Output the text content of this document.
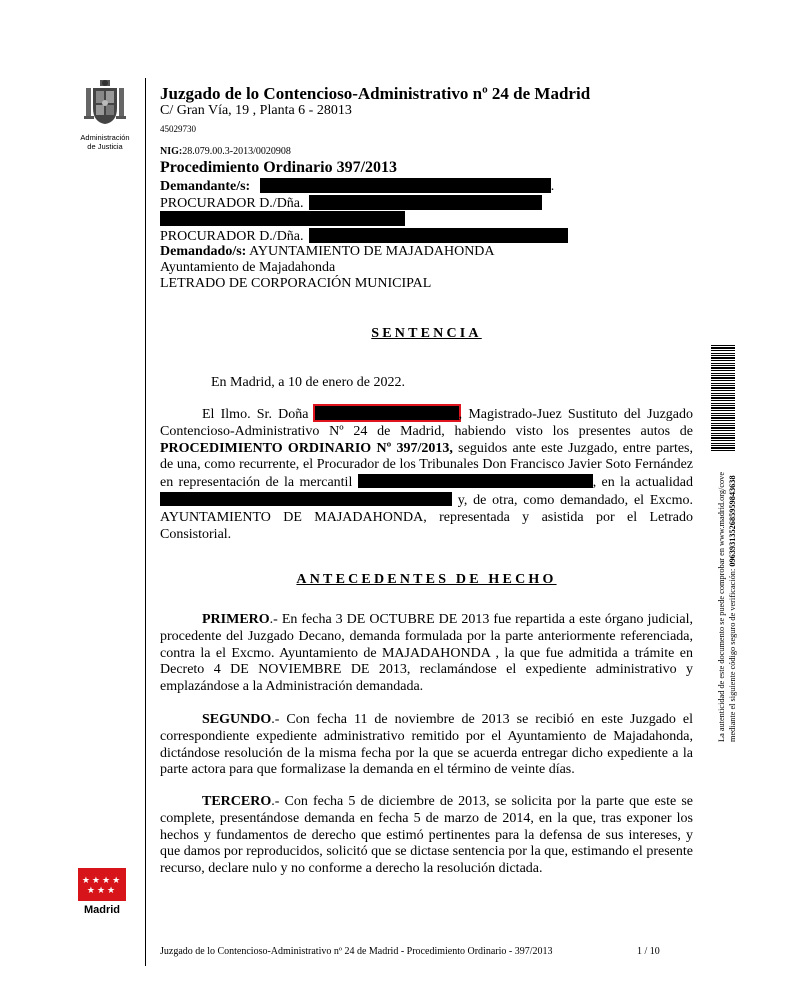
Administración
de Justicia
Juzgado de lo Contencioso-Administrativo nº 24 de Madrid
C/ Gran Vía, 19 , Planta 6 - 28013
45029730
NIG:28.079.00.3-2013/0020908
Procedimiento Ordinario 397/2013
Demandante/s:	.
PROCURADOR D./Dña.
PROCURADOR D./Dña.
Demandado/s: AYUNTAMIENTO DE MAJADAHONDA
Ayuntamiento de Majadahonda
LETRADO DE CORPORACIÓN MUNICIPAL
SENTENCIA
En Madrid, a 10 de enero de 2022.
El Ilmo. Sr. Doña	, Magistrado-Juez Sustituto del Juzgado Contencioso-Administrativo Nº 24 de Madrid, habiendo visto los presentes autos de PROCEDIMIENTO ORDINARIO Nº 397/2013, seguidos ante este Juzgado, entre partes, de una, como recurrente, el Procurador de los Tribunales Don Francisco Javier Soto Fernández en representación de la mercantil	, en la actualidad  y, de otra, como demandado, el Excmo. AYUNTAMIENTO DE MAJADAHONDA, representada y asistida por el Letrado Consistorial.
ANTECEDENTES DE HECHO
PRIMERO.- En fecha 3 DE OCTUBRE DE 2013 fue repartida a este órgano judicial, procedente del Juzgado Decano, demanda formulada por la parte anteriormente referenciada, contra la el Excmo. Ayuntamiento de MAJADAHONDA , la que fue admitida a trámite en Decreto 4 DE NOVIEMBRE DE 2013, reclamándose el expediente administrativo y emplazándose a la Administración demandada.
SEGUNDO.- Con fecha 11 de noviembre de 2013 se recibió en este Juzgado el correspondiente expediente administrativo remitido por el Ayuntamiento de Majadahonda, dictándose resolución de la misma fecha por la que se acuerda entregar dicho expediente a la parte actora para que formalizase la demanda en el término de veinte días.
TERCERO.- Con fecha 5 de diciembre de 2013, se solicita por la parte que este se complete, presentándose demanda en fecha 5 de marzo de 2014, en la que, tras exponer los hechos y fundamentos de derecho que estimó pertinentes para la defensa de sus intereses, y que damos por reproducidos, solicitó que se dictase sentencia por la que, estimando el presente recurso, declare nulo y no conforme a derecho la resolución dictada.
La autenticidad de este documento se puede comprobar en www.madrid.org/cove mediante el siguiente código seguro de verificación: 0963931352685959843638
★★★★
★★★
Madrid
Juzgado de lo Contencioso-Administrativo nº 24 de Madrid - Procedimiento Ordinario - 397/2013	1 / 10
